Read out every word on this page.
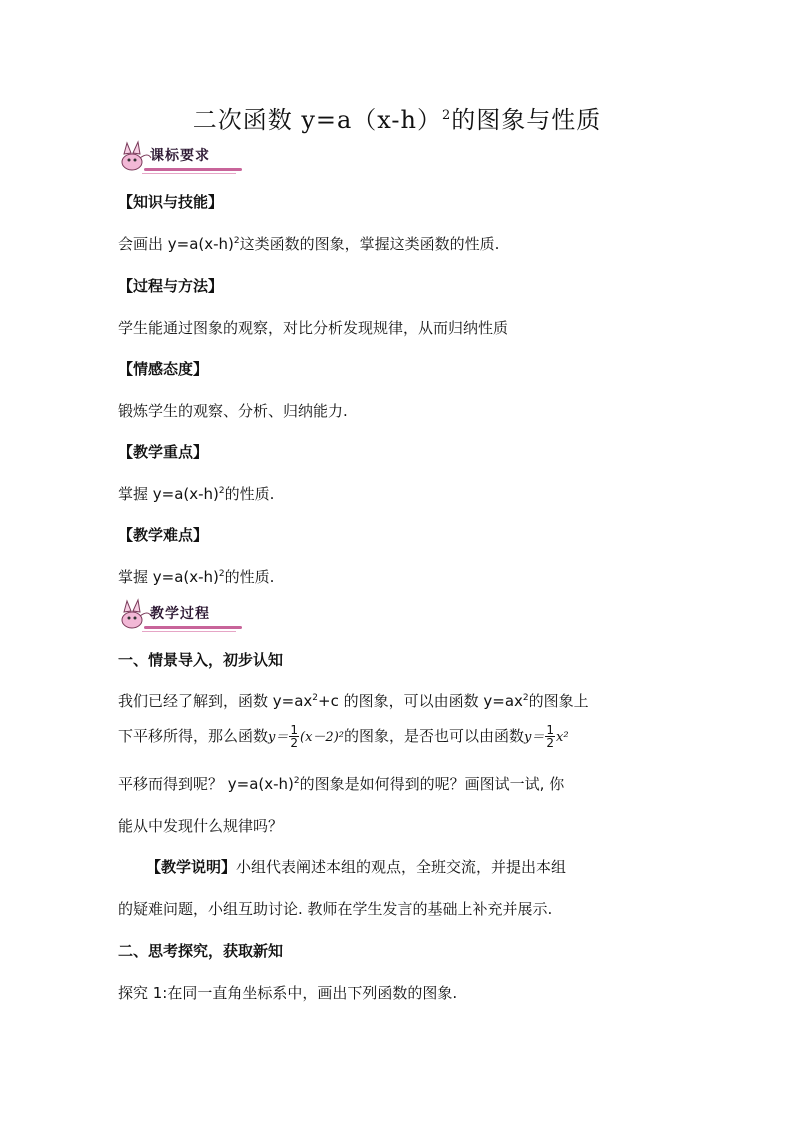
二次函数 $y=a(x-h)^2$的图象与性质
课标要求
【知识与技能】
会画出 $y=a(x-h)^2$这类函数的图象，掌握这类函数的性质.
【过程与方法】
学生能通过图象的观察，对比分析发现规律，从而归纳性质
【情感态度】
锻炼学生的观察、分析、归纳能力.
【教学重点】
掌握 $y=a(x-h)^2$的性质.
【教学难点】
掌握 $y=a(x-h)^2$的性质.
教学过程
一、情景导入，初步认知
我们已经了解到，函数 $y=ax^2+c$ 的图象，可以由函数 $y=ax^2$的图象上
下平移所得，那么函数$y= \frac{1}{2} (x-2)^2$的图象，是否也可以由函数$y= \frac{1}{2} x^2$
平移而得到呢？ $y=a(x-h)^2$的图象是如何得到的呢？画图试一试, 你
能从中发现什么规律吗？
【教学说明】小组代表阐述本组的观点，全班交流，并提出本组
的疑难问题，小组互助讨论. 教师在学生发言的基础上补充并展示.
二、思考探究，获取新知
探究 1:在同一直角坐标系中，画出下列函数的图象.
